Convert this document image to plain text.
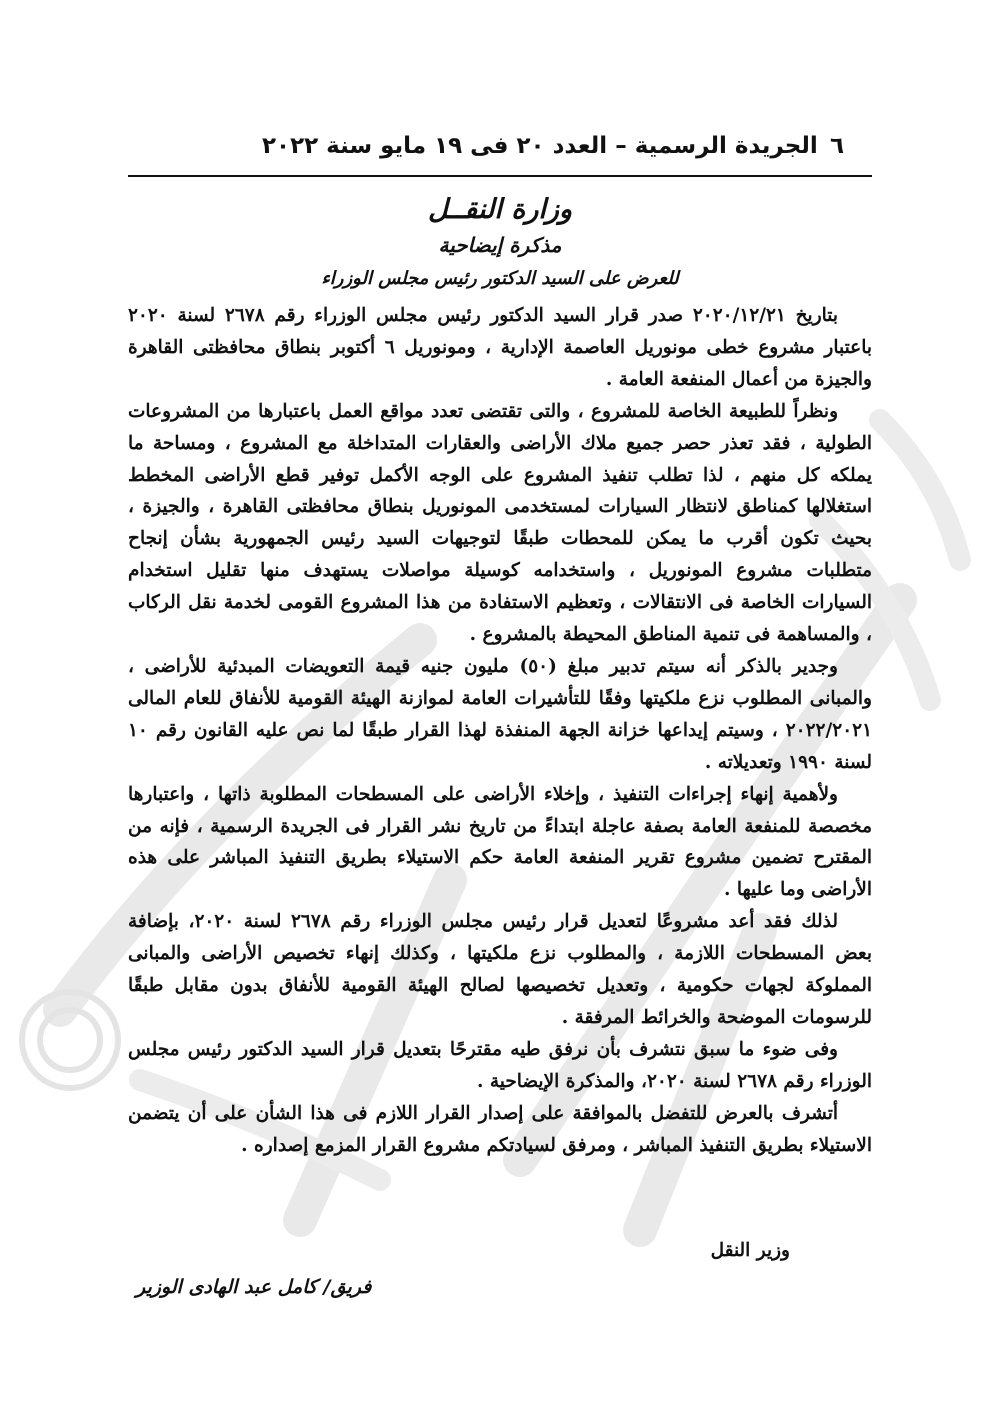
٦
الجريدة الرسمية – العدد ٢٠ فى ١٩ مايو سنة ٢٠٢٢
وزارة النقــل
مذكرة إيضاحية
للعرض على السيد الدكتور رئيس مجلس الوزراء

بتاريخ ٢٠٢٠/١٢/٢١ صدر قرار السيد الدكتور رئيس مجلس الوزراء رقم ٢٦٧٨ لسنة ٢٠٢٠ باعتبار مشروع خطى مونوريل العاصمة الإدارية ، ومونوريل ٦ أكتوبر بنطاق محافظتى القاهرة والجيزة من أعمال المنفعة العامة .

ونظراً للطبيعة الخاصة للمشروع ، والتى تقتضى تعدد مواقع العمل باعتبارها من المشروعات الطولية ، فقد تعذر حصر جميع ملاك الأراضى والعقارات المتداخلة مع المشروع ، ومساحة ما يملكه كل منهم ، لذا تطلب تنفيذ المشروع على الوجه الأكمل توفير قطع الأراضى المخطط استغلالها كمناطق لانتظار السيارات لمستخدمى المونوريل بنطاق محافظتى القاهرة ، والجيزة ، بحيث تكون أقرب ما يمكن للمحطات طبقًا لتوجيهات السيد رئيس الجمهورية بشأن إنجاح متطلبات مشروع المونوريل ، واستخدامه كوسيلة مواصلات يستهدف منها تقليل استخدام السيارات الخاصة فى الانتقالات ، وتعظيم الاستفادة من هذا المشروع القومى لخدمة نقل الركاب ، والمساهمة فى تنمية المناطق المحيطة بالمشروع .

وجدير بالذكر أنه سيتم تدبير مبلغ (٥٠) مليون جنيه قيمة التعويضات المبدئية للأراضى ، والمبانى المطلوب نزع ملكيتها وفقًا للتأشيرات العامة لموازنة الهيئة القومية للأنفاق للعام المالى ٢٠٢٢/٢٠٢١ ، وسيتم إيداعها خزانة الجهة المنفذة لهذا القرار طبقًا لما نص عليه القانون رقم ١٠ لسنة ١٩٩٠ وتعديلاته .

ولأهمية إنهاء إجراءات التنفيذ ، وإخلاء الأراضى على المسطحات المطلوبة ذاتها ، واعتبارها مخصصة للمنفعة العامة بصفة عاجلة ابتداءً من تاريخ نشر القرار فى الجريدة الرسمية ، فإنه من المقترح تضمين مشروع تقرير المنفعة العامة حكم الاستيلاء بطريق التنفيذ المباشر على هذه الأراضى وما عليها .

لذلك فقد أعد مشروعًا لتعديل قرار رئيس مجلس الوزراء رقم ٢٦٧٨ لسنة ٢٠٢٠، بإضافة بعض المسطحات اللازمة ، والمطلوب نزع ملكيتها ، وكذلك إنهاء تخصيص الأراضى والمبانى المملوكة لجهات حكومية ، وتعديل تخصيصها لصالح الهيئة القومية للأنفاق بدون مقابل طبقًا للرسومات الموضحة والخرائط المرفقة .

وفى ضوء ما سبق نتشرف بأن نرفق طيه مقترحًا بتعديل قرار السيد الدكتور رئيس مجلس الوزراء رقم ٢٦٧٨ لسنة ٢٠٢٠، والمذكرة الإيضاحية .

أتشرف بالعرض للتفضل بالموافقة على إصدار القرار اللازم فى هذا الشأن على أن يتضمن الاستيلاء بطريق التنفيذ المباشر ، ومرفق لسيادتكم مشروع القرار المزمع إصداره .

وزير النقل
فريق/ كامل عبد الهادى الوزير
